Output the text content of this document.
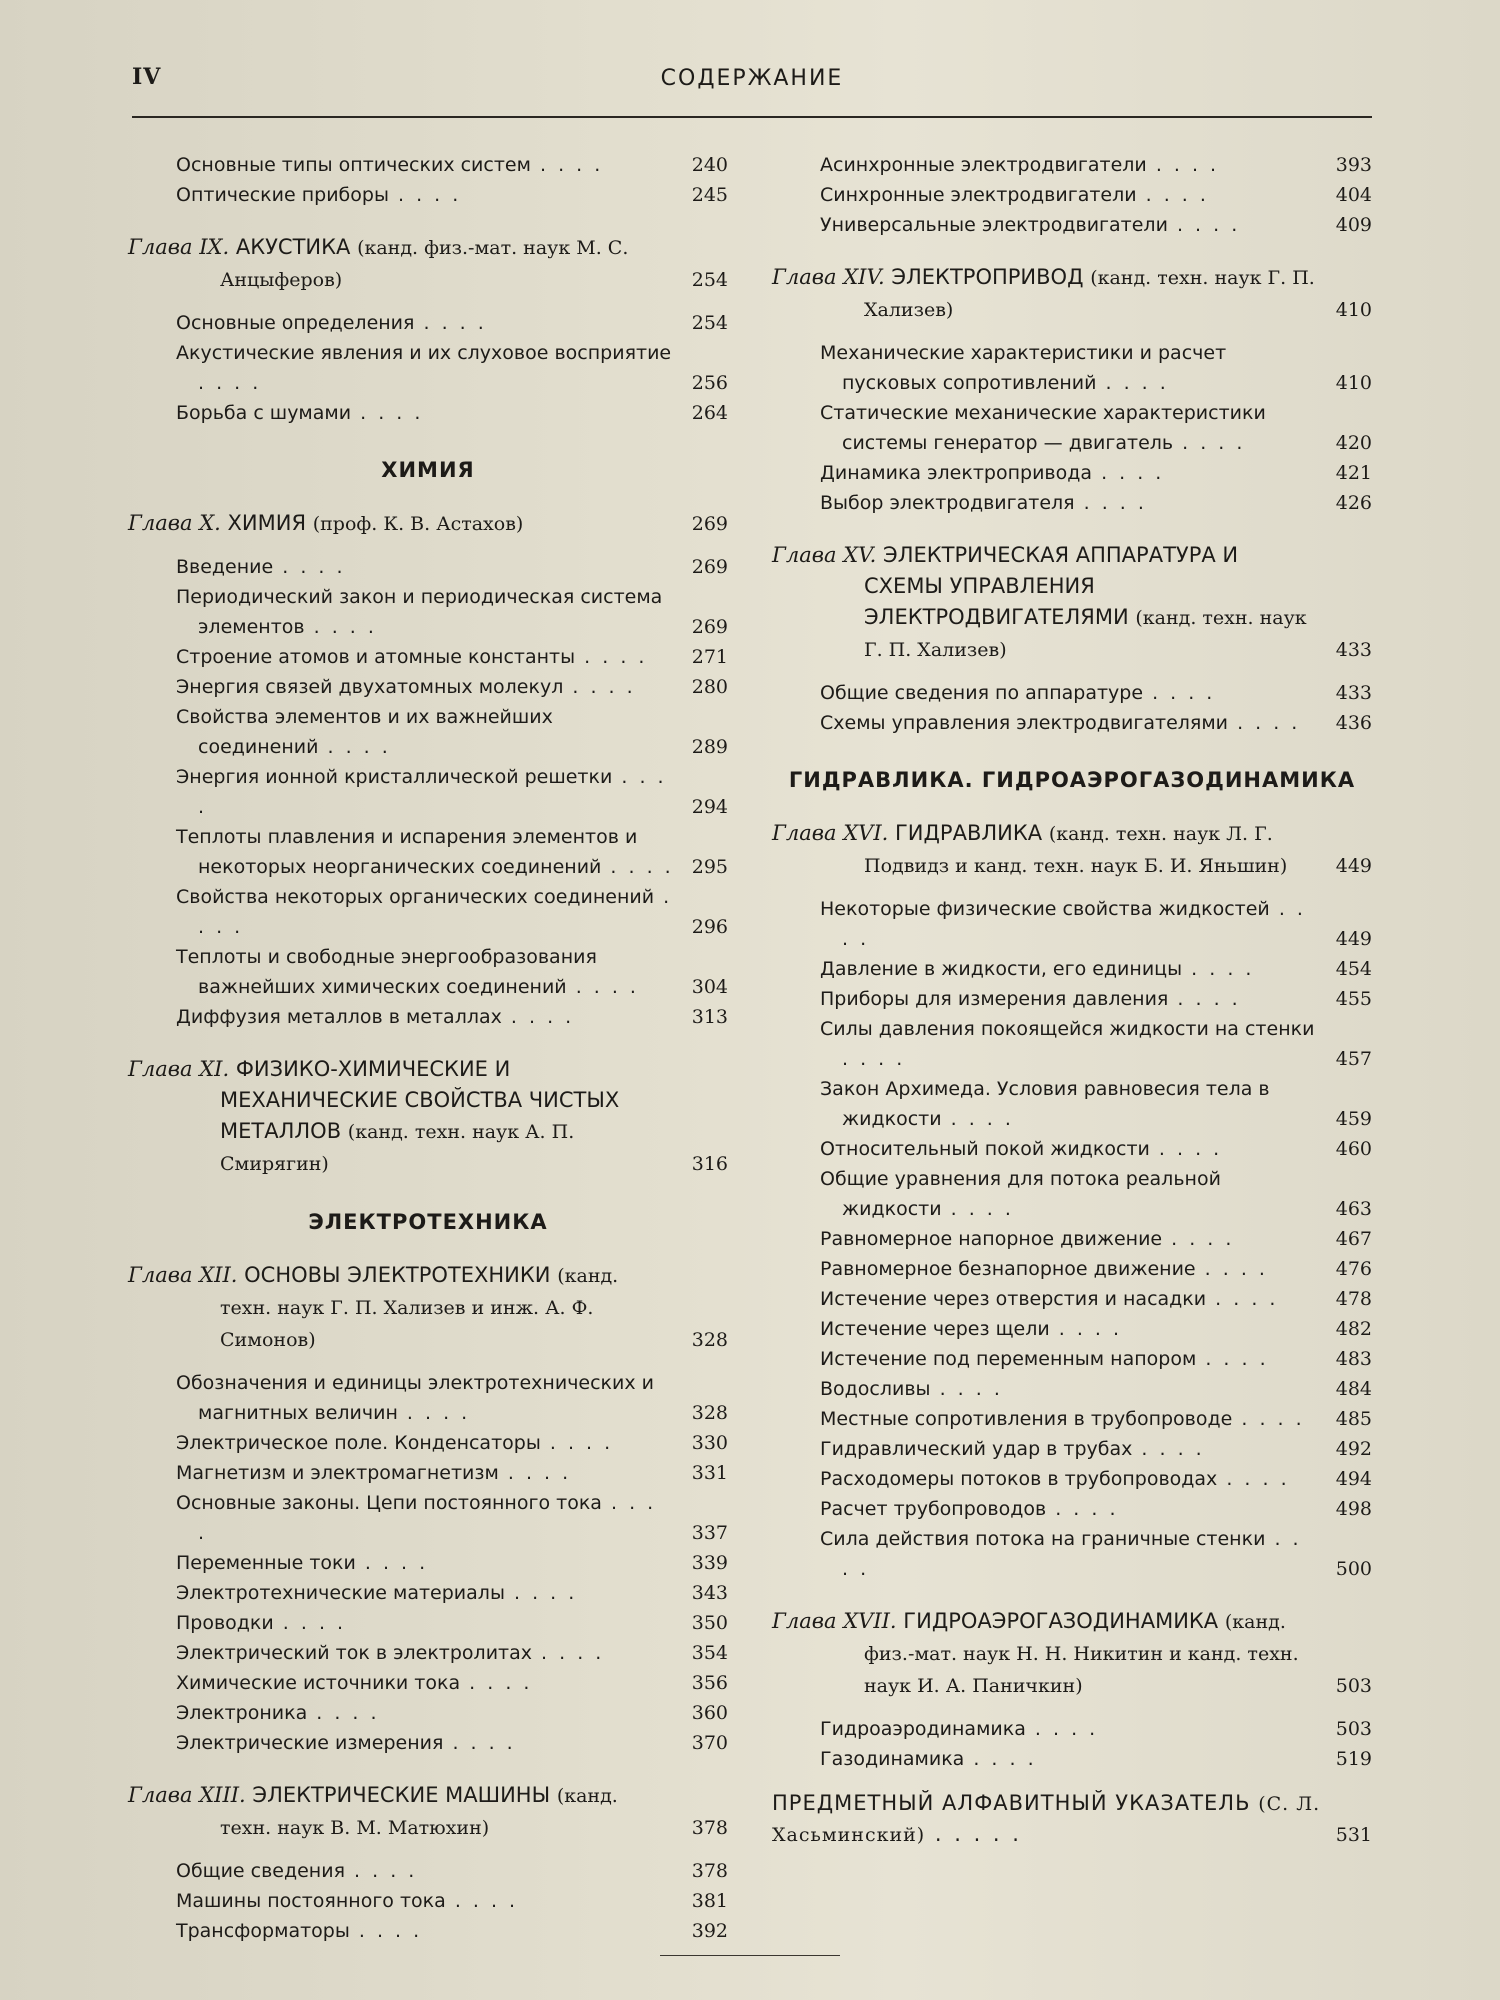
IV	СОДЕРЖАНИЕ
Основные типы оптических систем . . . .	240
Оптические приборы . . . .	245
Глава IX. АКУСТИКА (канд. физ.-мат. наук М. С. Анцыферов)	254
Основные определения . . . .	254
Акустические явления и их слуховое восприятие . . . .	256
Борьба с шумами . . . .	264
ХИМИЯ
Глава X. ХИМИЯ (проф. К. В. Астахов)	269
Введение . . . .	269
Периодический закон и периодическая система элементов . . . .	269
Строение атомов и атомные константы . . . .	271
Энергия связей двухатомных молекул . . . .	280
Свойства элементов и их важнейших соединений . . . .	289
Энергия ионной кристаллической решетки . . . .	294
Теплоты плавления и испарения элементов и некоторых неорганических соединений . . . . 295
Свойства некоторых органических соединений . . . .	296
Теплоты и свободные энергообразования важнейших химических соединений . . . .	304
Диффузия металлов в металлах . . . .	313
Глава XI. ФИЗИКО-ХИМИЧЕСКИЕ И МЕХАНИЧЕСКИЕ СВОЙСТВА ЧИСТЫХ МЕТАЛЛОВ (канд. техн. наук А. П. Смирягин)	316
ЭЛЕКТРОТЕХНИКА
Глава XII. ОСНОВЫ ЭЛЕКТРОТЕХНИКИ (канд. техн. наук Г. П. Хализев и инж. А. Ф. Симонов)	328
Обозначения и единицы электротехнических и магнитных величин . . . .	328
Электрическое поле. Конденсаторы . . . .	330
Магнетизм и электромагнетизм . . . .	331
Основные законы. Цепи постоянного тока . . . .	337
Переменные токи . . . .	339
Электротехнические материалы . . . .	343
Проводки . . . .	350
Электрический ток в электролитах . . . .	354
Химические источники тока . . . .	356
Электроника . . . .	360
Электрические измерения . . . .	370
Глава XIII. ЭЛЕКТРИЧЕСКИЕ МАШИНЫ (канд. техн. наук В. М. Матюхин)	378
Общие сведения . . . .	378
Машины постоянного тока . . . .	381
Трансформаторы . . . .	392
Асинхронные электродвигатели . . . .	393
Синхронные электродвигатели . . . .	404
Универсальные электродвигатели . . . .	409
Глава XIV. ЭЛЕКТРОПРИВОД (канд. техн. наук Г. П. Хализев)	410
Механические характеристики и расчет пусковых сопротивлений . . . .	410
Статические механические характеристики системы генератор — двигатель . . . .	420
Динамика электропривода . . . .	421
Выбор электродвигателя . . . .	426
Глава XV. ЭЛЕКТРИЧЕСКАЯ АППАРАТУРА И СХЕМЫ УПРАВЛЕНИЯ ЭЛЕКТРОДВИГАТЕЛЯМИ (канд. техн. наук Г. П. Хализев)	433
Общие сведения по аппаратуре . . . .	433
Схемы управления электродвигателями . . . .	436
ГИДРАВЛИКА. ГИДРОАЭРОГАЗОДИНАМИКА
Глава XVI. ГИДРАВЛИКА (канд. техн. наук Л. Г. Подвидз и канд. техн. наук Б. И. Яньшин)	449
Некоторые физические свойства жидкостей . . . .	449
Давление в жидкости, его единицы . . . .	454
Приборы для измерения давления . . . .	455
Силы давления покоящейся жидкости на стенки . . . .	457
Закон Архимеда. Условия равновесия тела в жидкости . . . .	459
Относительный покой жидкости . . . .	460
Общие уравнения для потока реальной жидкости . . . .	463
Равномерное напорное движение . . . .	467
Равномерное безнапорное движение . . . .	476
Истечение через отверстия и насадки . . . .	478
Истечение через щели . . . .	482
Истечение под переменным напором . . . .	483
Водосливы . . . .	484
Местные сопротивления в трубопроводе . . . .	485
Гидравлический удар в трубах . . . .	492
Расходомеры потоков в трубопроводах . . . .	494
Расчет трубопроводов . . . .	498
Сила действия потока на граничные стенки . . . .	500
Глава XVII. ГИДРОАЭРОГАЗОДИНАМИКА (канд. физ.-мат. наук Н. Н. Никитин и канд. техн. наук И. А. Паничкин)	503
Гидроаэродинамика . . . .	503
Газодинамика . . . .	519
ПРЕДМЕТНЫЙ АЛФАВИТНЫЙ УКАЗАТЕЛЬ (С. Л. Хасьминский) . . . . .	531
